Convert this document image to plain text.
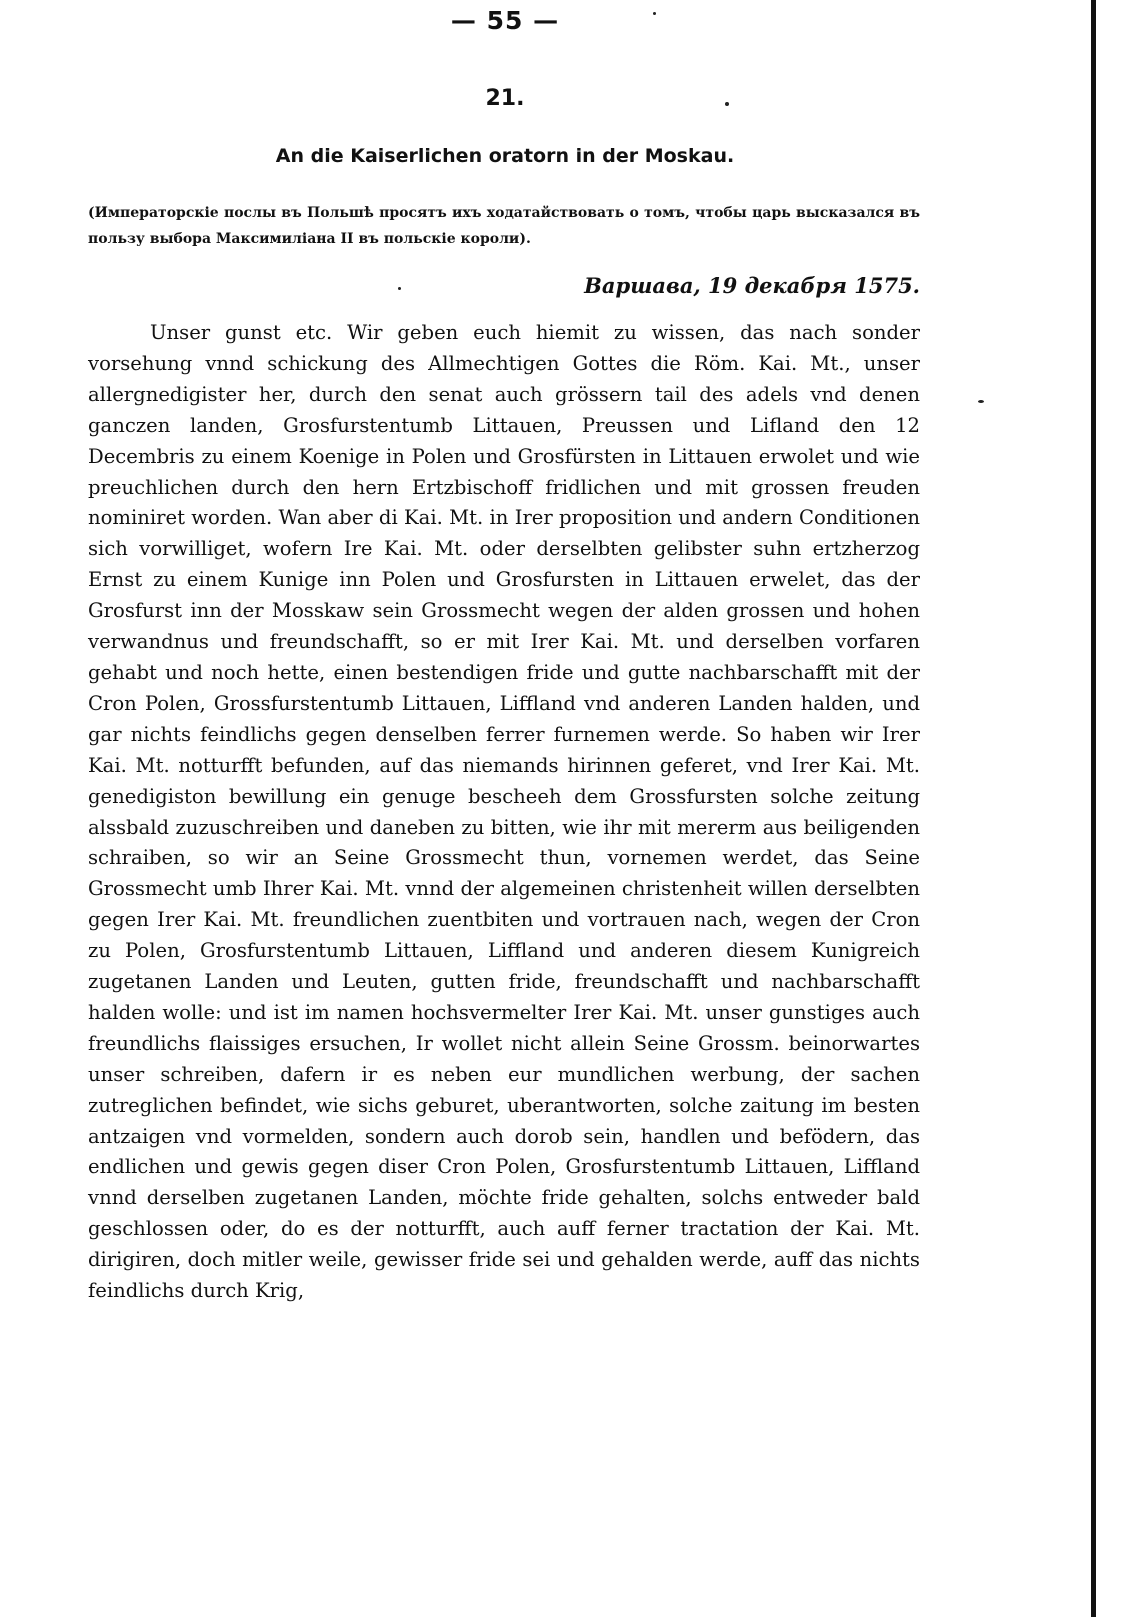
— 55 —
21.
An die Kaiserlichen oratorn in der Moskau.
(Императорскіе послы въ Польшѣ просятъ ихъ ходатайствовать о томъ, чтобы царь высказался въ пользу выбора Максимиліана II въ польскіе короли).
Варшава, 19 декабря 1575.
Unser gunst etc. Wir geben euch hiemit zu wissen, das nach sonder vorsehung vnnd schickung des Allmechtigen Gottes die Röm. Kai. Mt., unser allergnedigister her, durch den senat auch grössern tail des adels vnd denen ganczen landen, Grosfurstentumb Littauen, Preussen und Lifland den 12 Decembris zu einem Koenige in Polen und Grosfürsten in Littauen erwolet und wie preuchlichen durch den hern Ertzbischoff fridlichen und mit grossen freuden nominiret worden. Wan aber di Kai. Mt. in Irer proposition und andern Conditionen sich vorwilliget, wofern Ire Kai. Mt. oder derselbten gelibster suhn ertzherzog Ernst zu einem Kunige inn Polen und Grosfursten in Littauen erwelet, das der Grosfurst inn der Mosskaw sein Grossmecht wegen der alden grossen und hohen verwandnus und freundschafft, so er mit Irer Kai. Mt. und derselben vorfaren gehabt und noch hette, einen bestendigen fride und gutte nachbarschafft mit der Cron Polen, Grossfurstentumb Littauen, Liffland vnd anderen Landen halden, und gar nichts feindlichs gegen denselben ferrer furnemen werde. So haben wir Irer Kai. Mt. notturfft befunden, auf das niemands hirinnen geferet, vnd Irer Kai. Mt. genedigiston bewillung ein genuge bescheeh dem Grossfursten solche zeitung alssbald zuzuschreiben und daneben zu bitten, wie ihr mit mererm aus beiligenden schraiben, so wir an Seine Grossmecht thun, vornemen werdet, das Seine Grossmecht umb Ihrer Kai. Mt. vnnd der algemeinen christenheit willen derselbten gegen Irer Kai. Mt. freundlichen zuentbiten und vortrauen nach, wegen der Cron zu Polen, Grosfurstentumb Littauen, Liffland und anderen diesem Kunigreich zugetanen Landen und Leuten, gutten fride, freundschafft und nachbarschafft halden wolle: und ist im namen hochsvermelter Irer Kai. Mt. unser gunstiges auch freundlichs flaissiges ersuchen, Ir wollet nicht allein Seine Grossm. beinorwartes unser schreiben, dafern ir es neben eur mundlichen werbung, der sachen zutreglichen befindet, wie sichs geburet, uberantworten, solche zaitung im besten antzaigen vnd vormelden, sondern auch dorob sein, handlen und befödern, das endlichen und gewis gegen diser Cron Polen, Grosfurstentumb Littauen, Liffland vnnd derselben zugetanen Landen, möchte fride gehalten, solchs entweder bald geschlossen oder, do es der notturfft, auch auff ferner tractation der Kai. Mt. dirigiren, doch mitler weile, gewisser fride sei und gehalden werde, auff das nichts feindlichs durch Krig,
